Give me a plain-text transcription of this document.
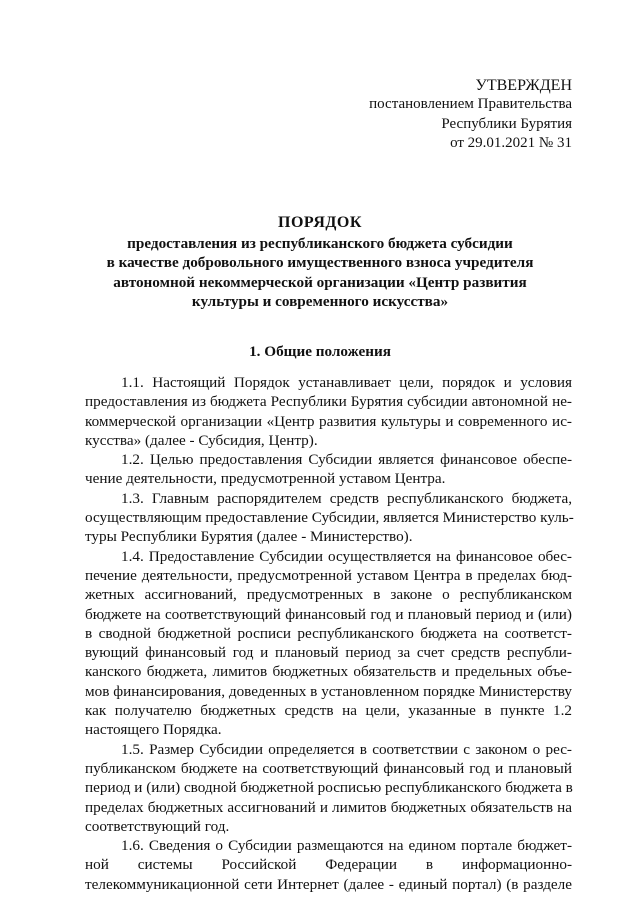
УТВЕРЖДЕН
постановлением Правительства
Республики Бурятия
от 29.01.2021 № 31
ПОРЯДОК
предоставления из республиканского бюджета субсидии
в качестве добровольного имущественного взноса учредителя
автономной некоммерческой организации «Центр развития
культуры и современного искусства»
1. Общие положения
1.1. Настоящий Порядок устанавливает цели, порядок и условия
предоставления из бюджета Республики Бурятия субсидии автономной не-
коммерческой организации «Центр развития культуры и современного ис-
кусства» (далее - Субсидия, Центр).
1.2. Целью предоставления Субсидии является финансовое обеспе-
чение деятельности, предусмотренной уставом Центра.
1.3. Главным распорядителем средств республиканского бюджета,
осуществляющим предоставление Субсидии, является Министерство куль-
туры Республики Бурятия (далее - Министерство).
1.4. Предоставление Субсидии осуществляется на финансовое обес-
печение деятельности, предусмотренной уставом Центра в пределах бюд-
жетных ассигнований, предусмотренных в законе о республиканском
бюджете на соответствующий финансовый год и плановый период и (или)
в сводной бюджетной росписи республиканского бюджета на соответст-
вующий финансовый год и плановый период за счет средств республи-
канского бюджета, лимитов бюджетных обязательств и предельных объе-
мов финансирования, доведенных в установленном порядке Министерству
как получателю бюджетных средств на цели, указанные в пункте 1.2
настоящего Порядка.
1.5. Размер Субсидии определяется в соответствии с законом о рес-
публиканском бюджете на соответствующий финансовый год и плановый
период и (или) сводной бюджетной росписью республиканского бюджета в
пределах бюджетных ассигнований и лимитов бюджетных обязательств на
соответствующий год.
1.6. Сведения о Субсидии размещаются на едином портале бюджет-
ной системы Российской Федерации в информационно-
телекоммуникационной сети Интернет (далее - единый портал) (в разделе
